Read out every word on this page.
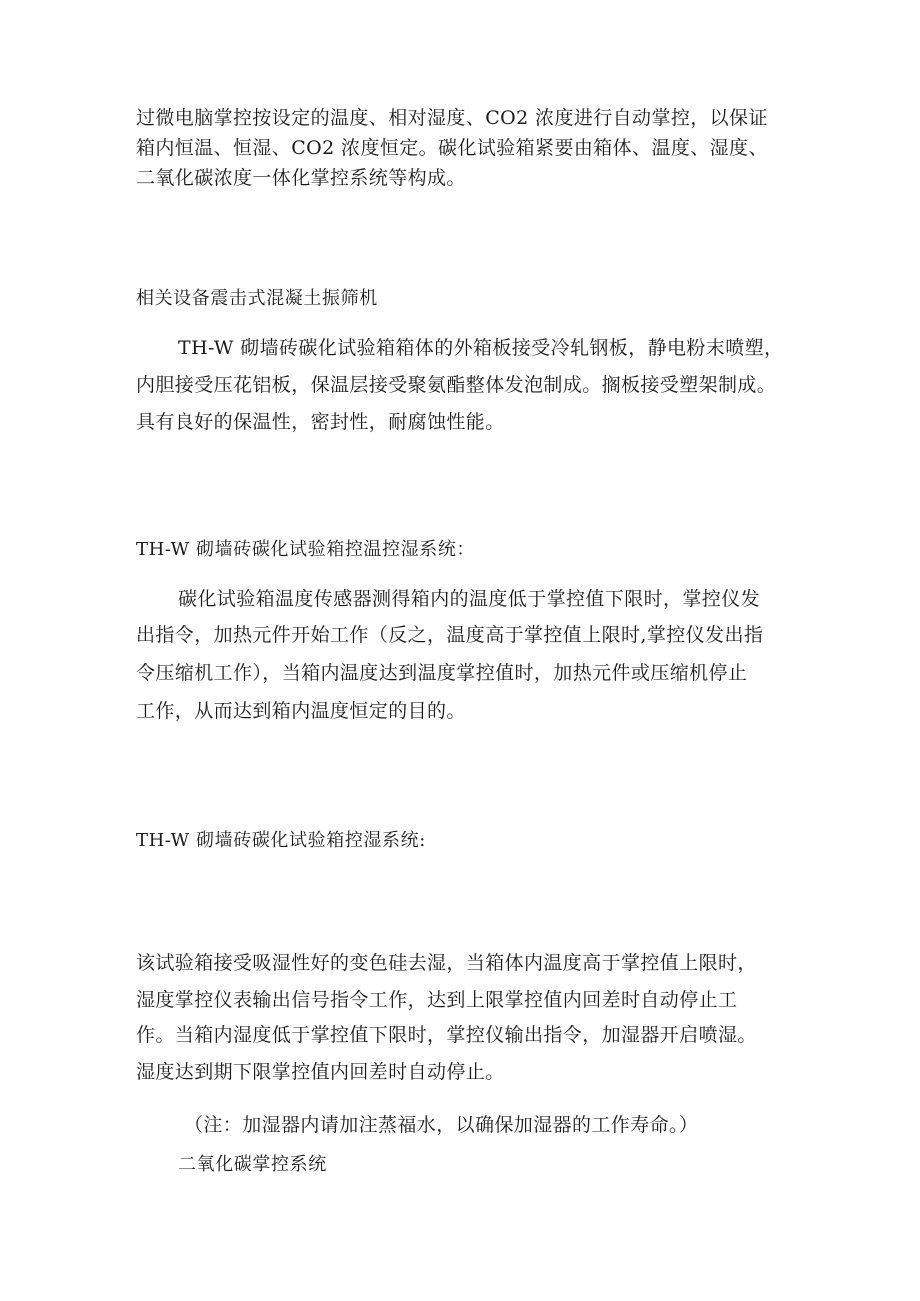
过微电脑掌控按设定的温度、相对湿度、CO2 浓度进行自动掌控，以保证
箱内恒温、恒湿、CO2 浓度恒定。碳化试验箱紧要由箱体、温度、湿度、
二氧化碳浓度一体化掌控系统等构成。
相关设备震击式混凝土振筛机
TH-W 砌墙砖碳化试验箱箱体的外箱板接受冷轧钢板，静电粉末喷塑，
内胆接受压花铝板，保温层接受聚氨酯整体发泡制成。搁板接受塑架制成。
具有良好的保温性，密封性，耐腐蚀性能。
TH-W 砌墙砖碳化试验箱控温控湿系统：
碳化试验箱温度传感器测得箱内的温度低于掌控值下限时，掌控仪发
出指令，加热元件开始工作（反之，温度高于掌控值上限时,掌控仪发出指
令压缩机工作），当箱内温度达到温度掌控值时，加热元件或压缩机停止
工作，从而达到箱内温度恒定的目的。
TH-W 砌墙砖碳化试验箱控湿系统:
该试验箱接受吸湿性好的变色硅去湿，当箱体内温度高于掌控值上限时，
湿度掌控仪表输出信号指令工作，达到上限掌控值内回差时自动停止工
作。当箱内湿度低于掌控值下限时，掌控仪输出指令，加湿器开启喷湿。
湿度达到期下限掌控值内回差时自动停止。
（注：加湿器内请加注蒸福水，以确保加湿器的工作寿命。）
二氧化碳掌控系统
